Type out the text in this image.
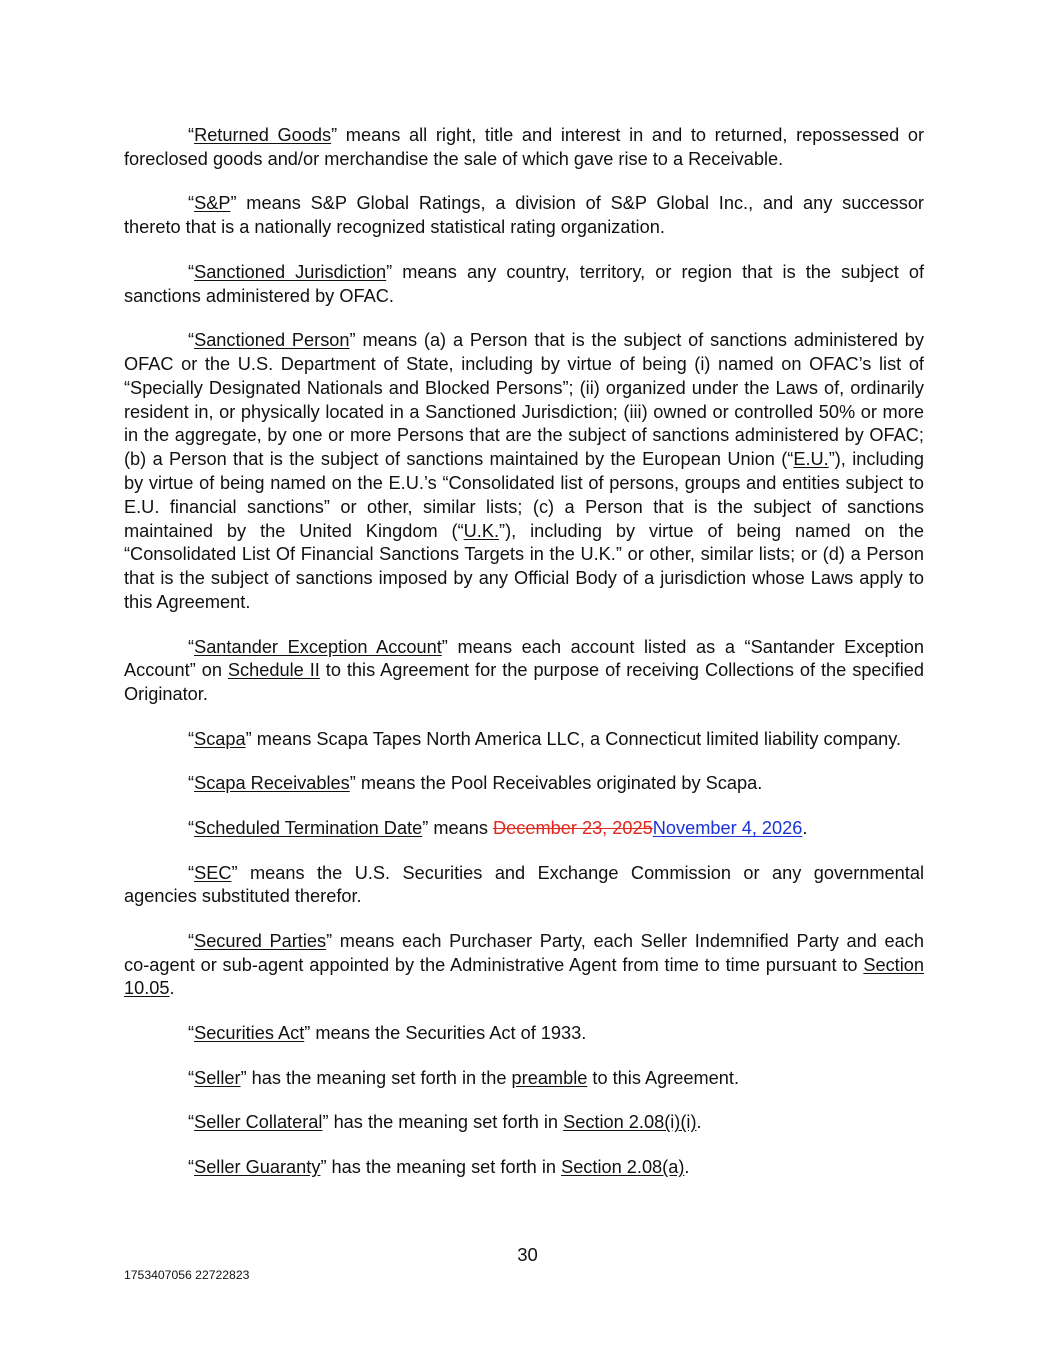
“Returned Goods” means all right, title and interest in and to returned, repossessed or foreclosed goods and/or merchandise the sale of which gave rise to a Receivable.

“S&P” means S&P Global Ratings, a division of S&P Global Inc., and any successor thereto that is a nationally recognized statistical rating organization.

“Sanctioned Jurisdiction” means any country, territory, or region that is the subject of sanctions administered by OFAC.

“Sanctioned Person” means (a) a Person that is the subject of sanctions administered by OFAC or the U.S. Department of State, including by virtue of being (i) named on OFAC’s list of “Specially Designated Nationals and Blocked Persons”; (ii) organized under the Laws of, ordinarily resident in, or physically located in a Sanctioned Jurisdiction; (iii) owned or controlled 50% or more in the aggregate, by one or more Persons that are the subject of sanctions administered by OFAC; (b) a Person that is the subject of sanctions maintained by the European Union (“E.U.”), including by virtue of being named on the E.U.’s “Consolidated list of persons, groups and entities subject to E.U. financial sanctions” or other, similar lists; (c) a Person that is the subject of sanctions maintained by the United Kingdom (“U.K.”), including by virtue of being named on the “Consolidated List Of Financial Sanctions Targets in the U.K.” or other, similar lists; or (d) a Person that is the subject of sanctions imposed by any Official Body of a jurisdiction whose Laws apply to this Agreement.

“Santander Exception Account” means each account listed as a “Santander Exception Account” on Schedule II to this Agreement for the purpose of receiving Collections of the specified Originator.

“Scapa” means Scapa Tapes North America LLC, a Connecticut limited liability company.

“Scapa Receivables” means the Pool Receivables originated by Scapa.

“Scheduled Termination Date” means December 23, 2025November 4, 2026.

“SEC” means the U.S. Securities and Exchange Commission or any governmental agencies substituted therefor.

“Secured Parties” means each Purchaser Party, each Seller Indemnified Party and each co-agent or sub-agent appointed by the Administrative Agent from time to time pursuant to Section 10.05.

“Securities Act” means the Securities Act of 1933.

“Seller” has the meaning set forth in the preamble to this Agreement.

“Seller Collateral” has the meaning set forth in Section 2.08(i)(i).

“Seller Guaranty” has the meaning set forth in Section 2.08(a).

30
1753407056 22722823
